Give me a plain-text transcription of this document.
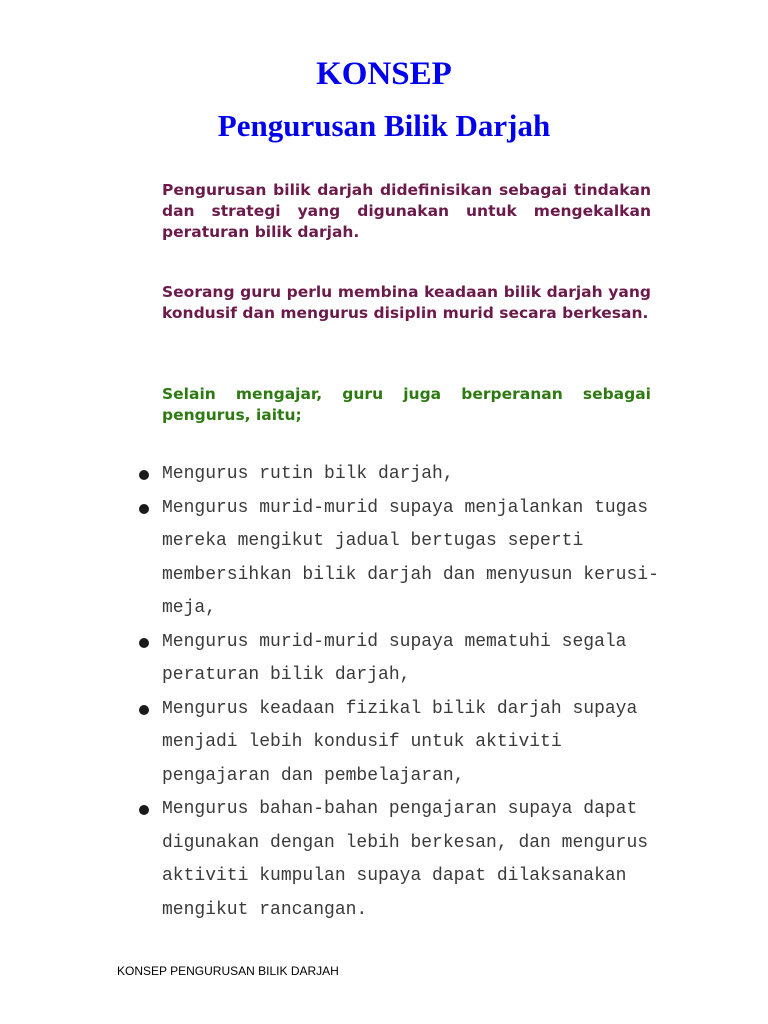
KONSEP
Pengurusan Bilik Darjah

Pengurusan bilik darjah didefinisikan sebagai tindakan dan strategi yang digunakan untuk mengekalkan peraturan bilik darjah.

Seorang guru perlu membina keadaan bilik darjah yang kondusif dan mengurus disiplin murid secara berkesan.

Selain mengajar, guru juga berperanan sebagai pengurus, iaitu;

Mengurus rutin bilk darjah,
Mengurus murid-murid supaya menjalankan tugas mereka mengikut jadual bertugas seperti membersihkan bilik darjah dan menyusun kerusi-meja,
Mengurus murid-murid supaya mematuhi segala peraturan bilik darjah,
Mengurus keadaan fizikal bilik darjah supaya menjadi lebih kondusif untuk aktiviti pengajaran dan pembelajaran,
Mengurus bahan-bahan pengajaran supaya dapat digunakan dengan lebih berkesan, dan mengurus aktiviti kumpulan supaya dapat dilaksanakan mengikut rancangan.

KONSEP PENGURUSAN BILIK DARJAH
